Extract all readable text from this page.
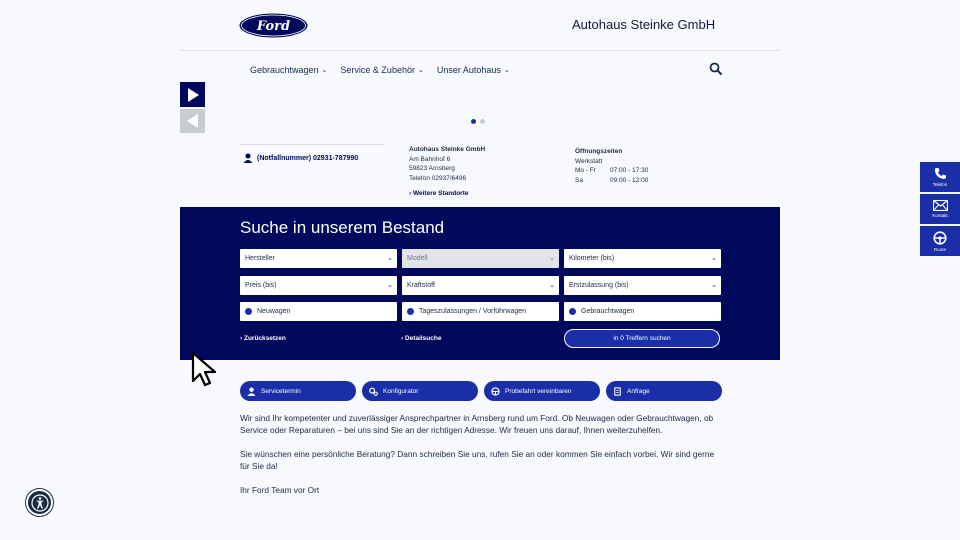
Ford	Autohaus Steinke GmbH
Gebrauchtwagen ⌄ Service & Zubehör ⌄ Unser Autohaus ⌄
(Notfallnummer) 02931-787990
Autohaus Steinke GmbH
Am Bahnhof 6
59823 Arnsberg
Telefon 02937/6496
› Weitere Standorte
Öffnungszeiten
Werkstatt
Mo - Fr	07:00 - 17:30
Sa	09:00 - 12:00
Suche in unserem Bestand
Hersteller	⌄ Modell	⌄ Kilometer (bis)	⌄
Preis (bis)	⌄ Kraftstoff	⌄ Erstzulassung (bis)	⌄
Neuwagen	Tageszulassungen / Vorführwagen	Gebrauchtwagen
› Zurücksetzen	› Detailsuche	in 0 Treffern suchen
Servicetermin	Konfigurator	Probefahrt vereinbaren	Anfrage

Wir sind Ihr kompetenter und zuverlässiger Ansprechpartner in Arnsberg rund um Ford. Ob Neuwagen oder Gebrauchtwagen, ob Service oder Reparaturen – bei uns sind Sie an der richtigen Adresse. Wir freuen uns darauf, Ihnen weiterzuhelfen.

Sie wünschen eine persönliche Beratung? Dann schreiben Sie uns, rufen Sie an oder kommen Sie einfach vorbei. Wir sind gerne für Sie da!

Ihr Ford Team vor Ort

Telefon
Kontakt
Route
